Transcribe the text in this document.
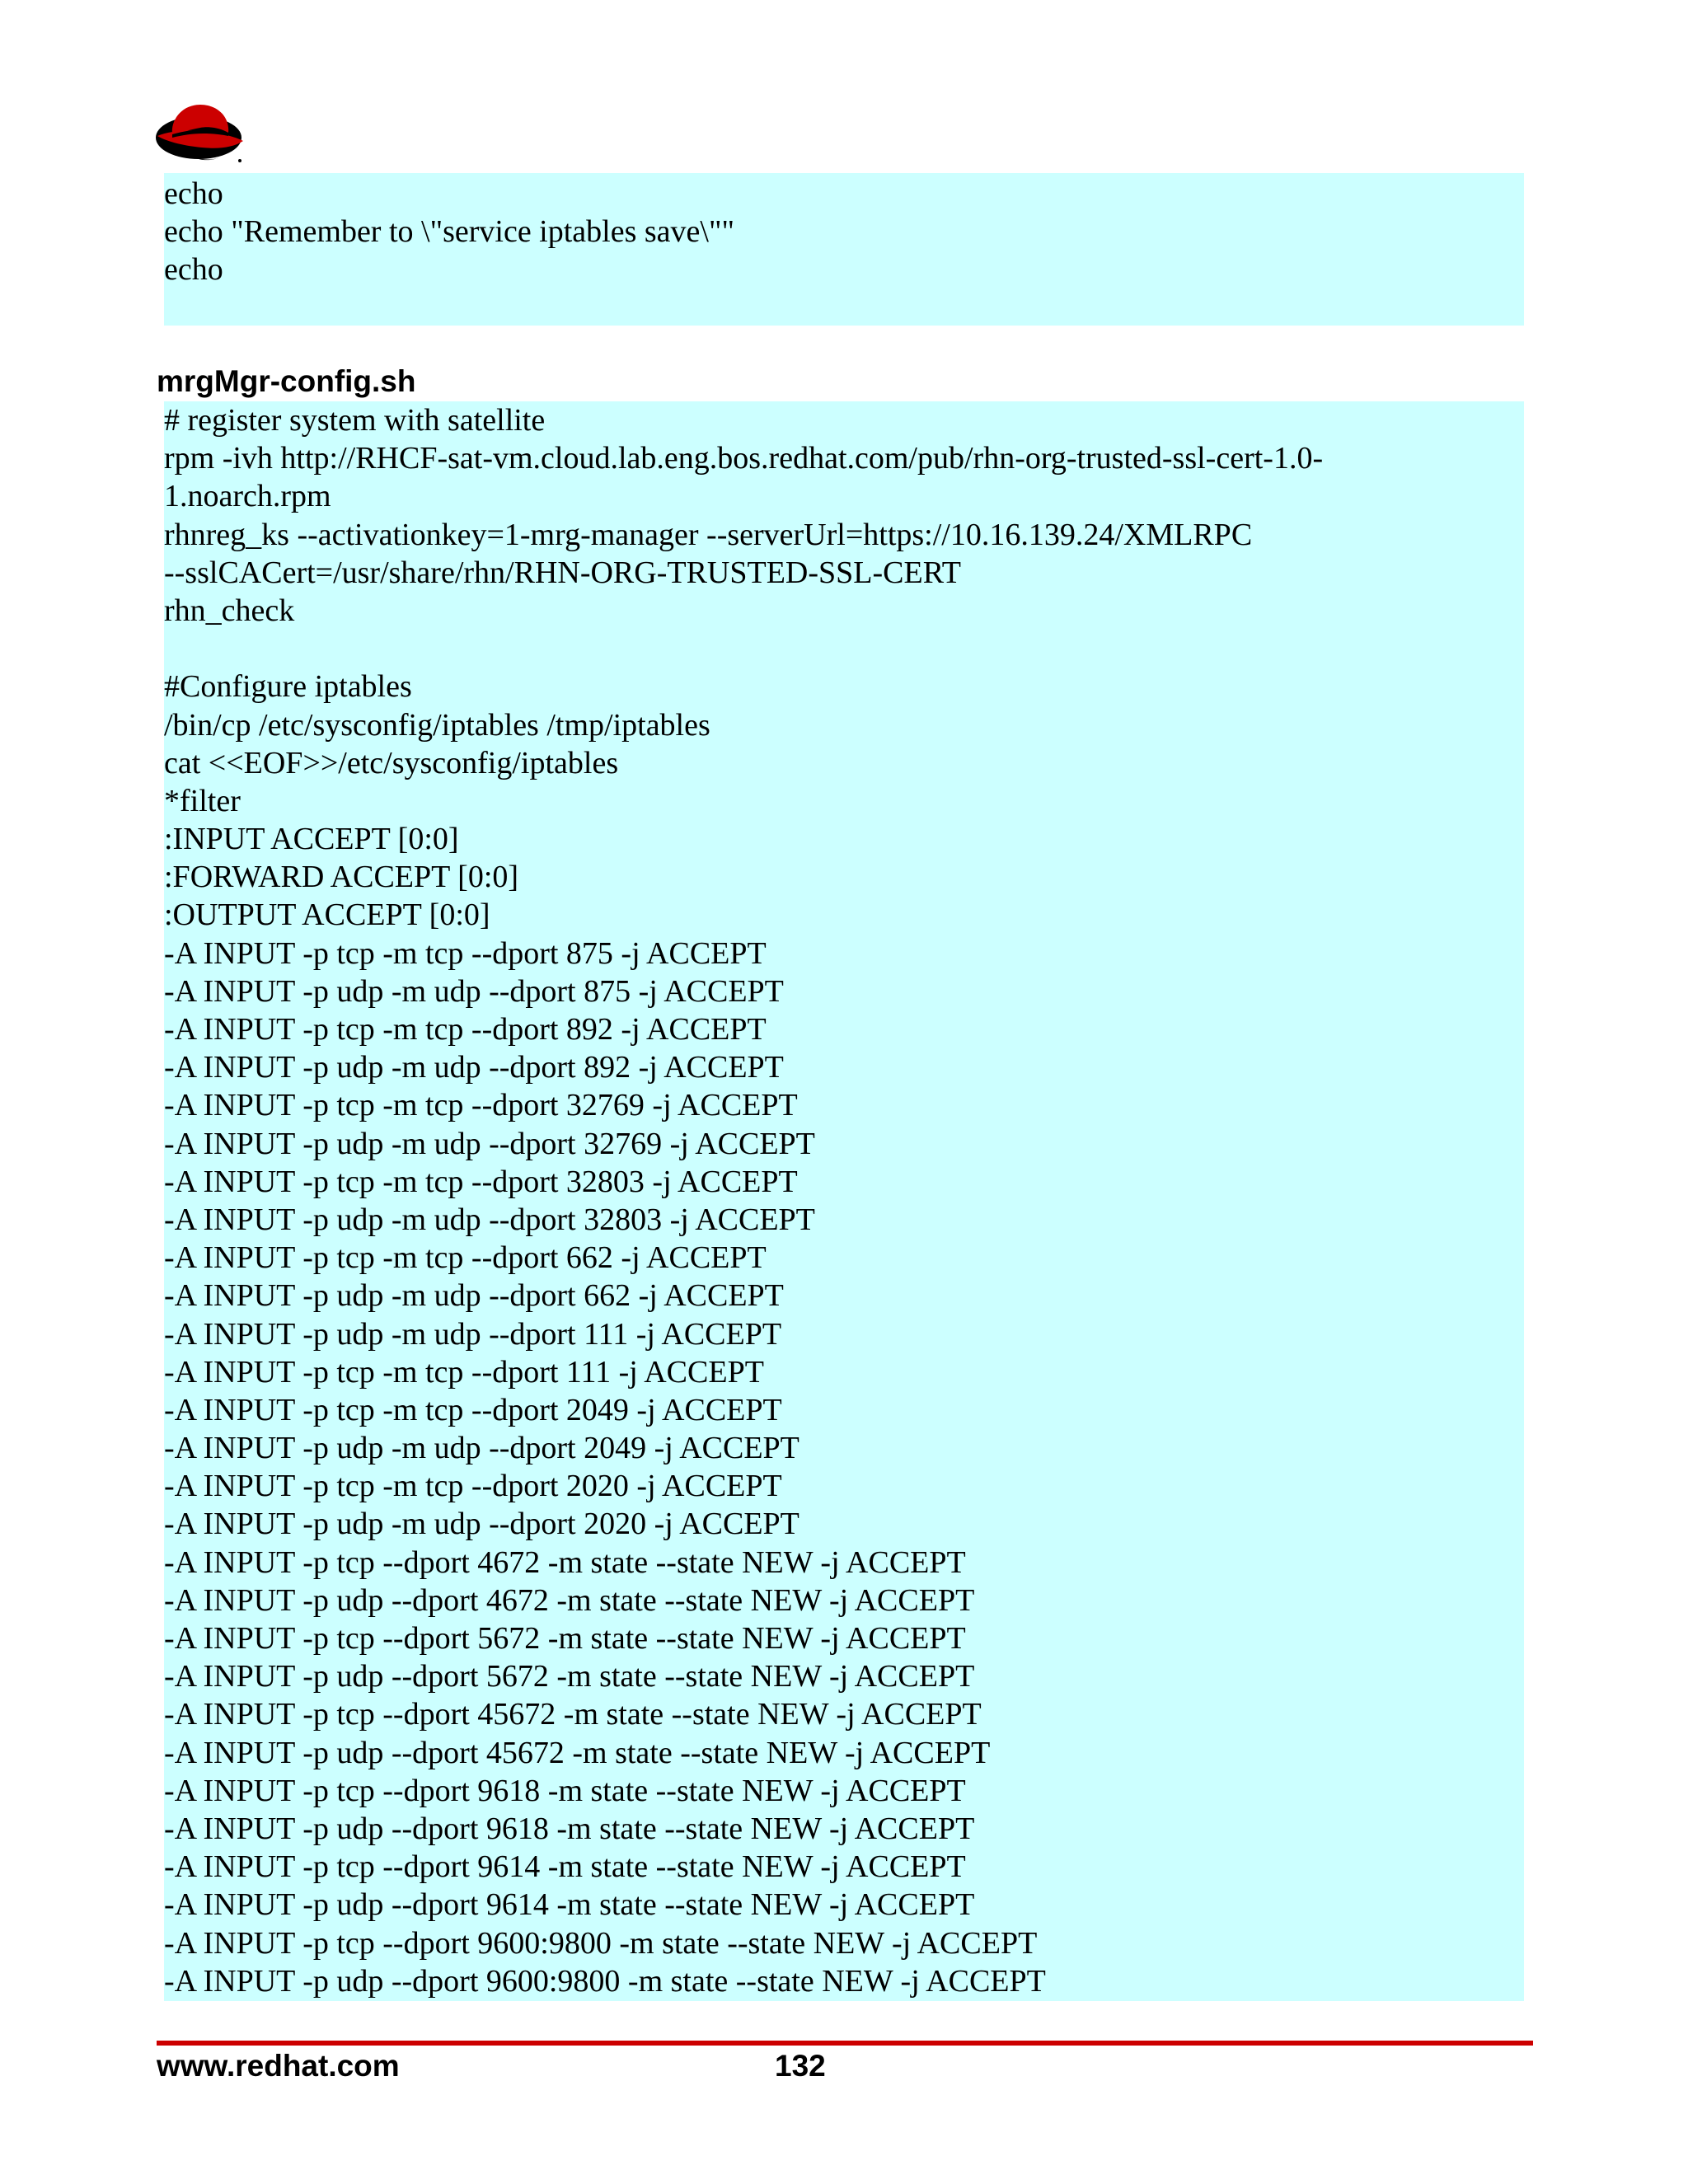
echo
echo "Remember to \"service iptables save\""
echo
mrgMgr-config.sh
# register system with satellite
rpm -ivh http://RHCF-sat-vm.cloud.lab.eng.bos.redhat.com/pub/rhn-org-trusted-ssl-cert-1.0-
1.noarch.rpm
rhnreg_ks --activationkey=1-mrg-manager --serverUrl=https://10.16.139.24/XMLRPC
--sslCACert=/usr/share/rhn/RHN-ORG-TRUSTED-SSL-CERT
rhn_check
#Configure iptables
/bin/cp /etc/sysconfig/iptables /tmp/iptables
cat <<EOF>>/etc/sysconfig/iptables
*filter
:INPUT ACCEPT [0:0]
:FORWARD ACCEPT [0:0]
:OUTPUT ACCEPT [0:0]
-A INPUT -p tcp -m tcp --dport 875 -j ACCEPT
-A INPUT -p udp -m udp --dport 875 -j ACCEPT
-A INPUT -p tcp -m tcp --dport 892 -j ACCEPT
-A INPUT -p udp -m udp --dport 892 -j ACCEPT
-A INPUT -p tcp -m tcp --dport 32769 -j ACCEPT
-A INPUT -p udp -m udp --dport 32769 -j ACCEPT
-A INPUT -p tcp -m tcp --dport 32803 -j ACCEPT
-A INPUT -p udp -m udp --dport 32803 -j ACCEPT
-A INPUT -p tcp -m tcp --dport 662 -j ACCEPT
-A INPUT -p udp -m udp --dport 662 -j ACCEPT
-A INPUT -p udp -m udp --dport 111 -j ACCEPT
-A INPUT -p tcp -m tcp --dport 111 -j ACCEPT
-A INPUT -p tcp -m tcp --dport 2049 -j ACCEPT
-A INPUT -p udp -m udp --dport 2049 -j ACCEPT
-A INPUT -p tcp -m tcp --dport 2020 -j ACCEPT
-A INPUT -p udp -m udp --dport 2020 -j ACCEPT
-A INPUT -p tcp --dport 4672 -m state --state NEW -j ACCEPT
-A INPUT -p udp --dport 4672 -m state --state NEW -j ACCEPT
-A INPUT -p tcp --dport 5672 -m state --state NEW -j ACCEPT
-A INPUT -p udp --dport 5672 -m state --state NEW -j ACCEPT
-A INPUT -p tcp --dport 45672 -m state --state NEW -j ACCEPT
-A INPUT -p udp --dport 45672 -m state --state NEW -j ACCEPT
-A INPUT -p tcp --dport 9618 -m state --state NEW -j ACCEPT
-A INPUT -p udp --dport 9618 -m state --state NEW -j ACCEPT
-A INPUT -p tcp --dport 9614 -m state --state NEW -j ACCEPT
-A INPUT -p udp --dport 9614 -m state --state NEW -j ACCEPT
-A INPUT -p tcp --dport 9600:9800 -m state --state NEW -j ACCEPT
-A INPUT -p udp --dport 9600:9800 -m state --state NEW -j ACCEPT
www.redhat.com	132
